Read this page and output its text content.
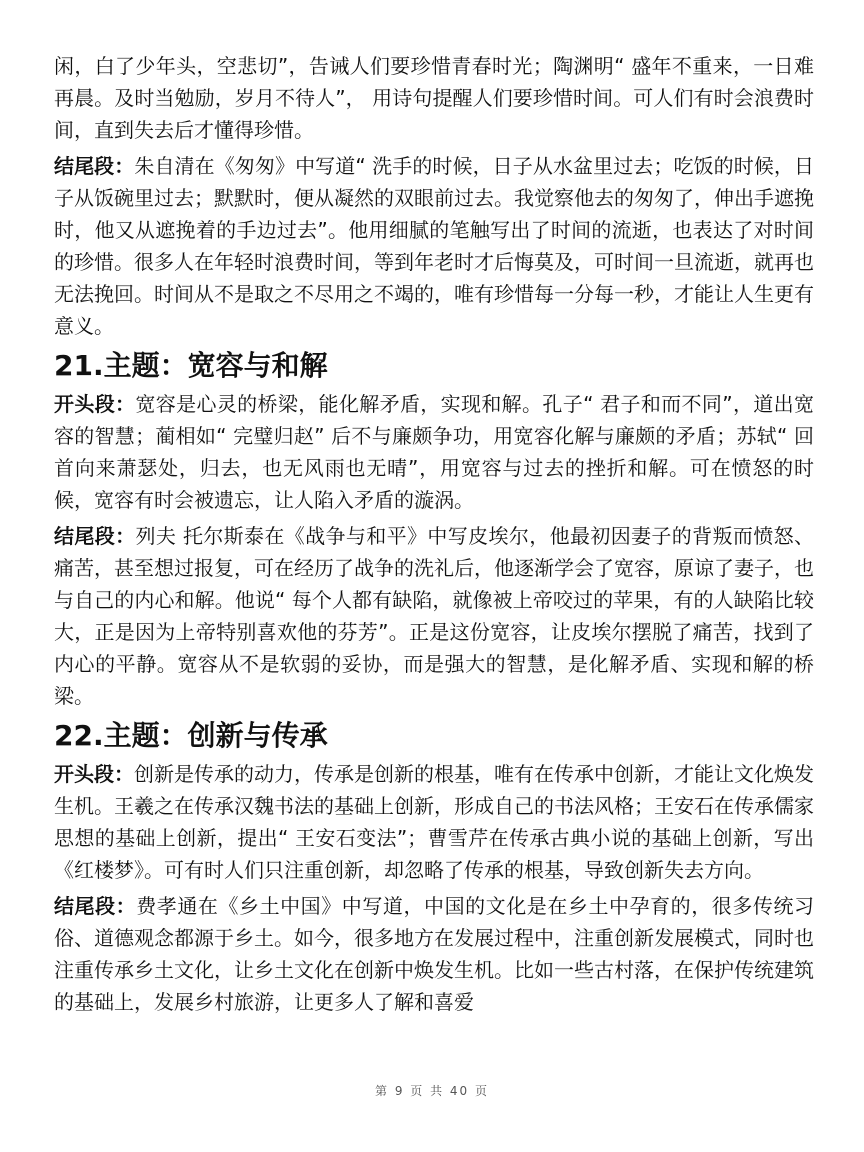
闲，白了少年头，空悲切”，告诫人们要珍惜青春时光；陶渊明“ 盛年不重来，一日难再晨。及时当勉励，岁月不待人”， 用诗句提醒人们要珍惜时间。可人们有时会浪费时间，直到失去后才懂得珍惜。

结尾段：朱自清在《匆匆》中写道“ 洗手的时候，日子从水盆里过去；吃饭的时候，日子从饭碗里过去；默默时，便从凝然的双眼前过去。我觉察他去的匆匆了，伸出手遮挽时，他又从遮挽着的手边过去”。他用细腻的笔触写出了时间的流逝，也表达了对时间的珍惜。很多人在年轻时浪费时间，等到年老时才后悔莫及，可时间一旦流逝，就再也无法挽回。时间从不是取之不尽用之不竭的，唯有珍惜每一分每一秒，才能让人生更有意义。

21.主题：宽容与和解

开头段：宽容是心灵的桥梁，能化解矛盾，实现和解。孔子“ 君子和而不同”，道出宽容的智慧；蔺相如“ 完璧归赵” 后不与廉颇争功，用宽容化解与廉颇的矛盾；苏轼“ 回首向来萧瑟处，归去，也无风雨也无晴”，用宽容与过去的挫折和解。可在愤怒的时候，宽容有时会被遗忘，让人陷入矛盾的漩涡。

结尾段：列夫 托尔斯泰在《战争与和平》中写皮埃尔，他最初因妻子的背叛而愤怒、痛苦，甚至想过报复，可在经历了战争的洗礼后，他逐渐学会了宽容，原谅了妻子，也与自己的内心和解。他说“ 每个人都有缺陷，就像被上帝咬过的苹果，有的人缺陷比较大，正是因为上帝特别喜欢他的芬芳”。正是这份宽容，让皮埃尔摆脱了痛苦，找到了内心的平静。宽容从不是软弱的妥协，而是强大的智慧，是化解矛盾、实现和解的桥梁。

22.主题：创新与传承

开头段：创新是传承的动力，传承是创新的根基，唯有在传承中创新，才能让文化焕发生机。王羲之在传承汉魏书法的基础上创新，形成自己的书法风格；王安石在传承儒家思想的基础上创新，提出“ 王安石变法”；曹雪芹在传承古典小说的基础上创新，写出《红楼梦》。可有时人们只注重创新，却忽略了传承的根基，导致创新失去方向。

结尾段：费孝通在《乡土中国》中写道，中国的文化是在乡土中孕育的，很多传统习俗、道德观念都源于乡土。如今，很多地方在发展过程中，注重创新发展模式，同时也注重传承乡土文化，让乡土文化在创新中焕发生机。比如一些古村落，在保护传统建筑的基础上，发展乡村旅游，让更多人了解和喜爱

第 9 页 共 40 页
